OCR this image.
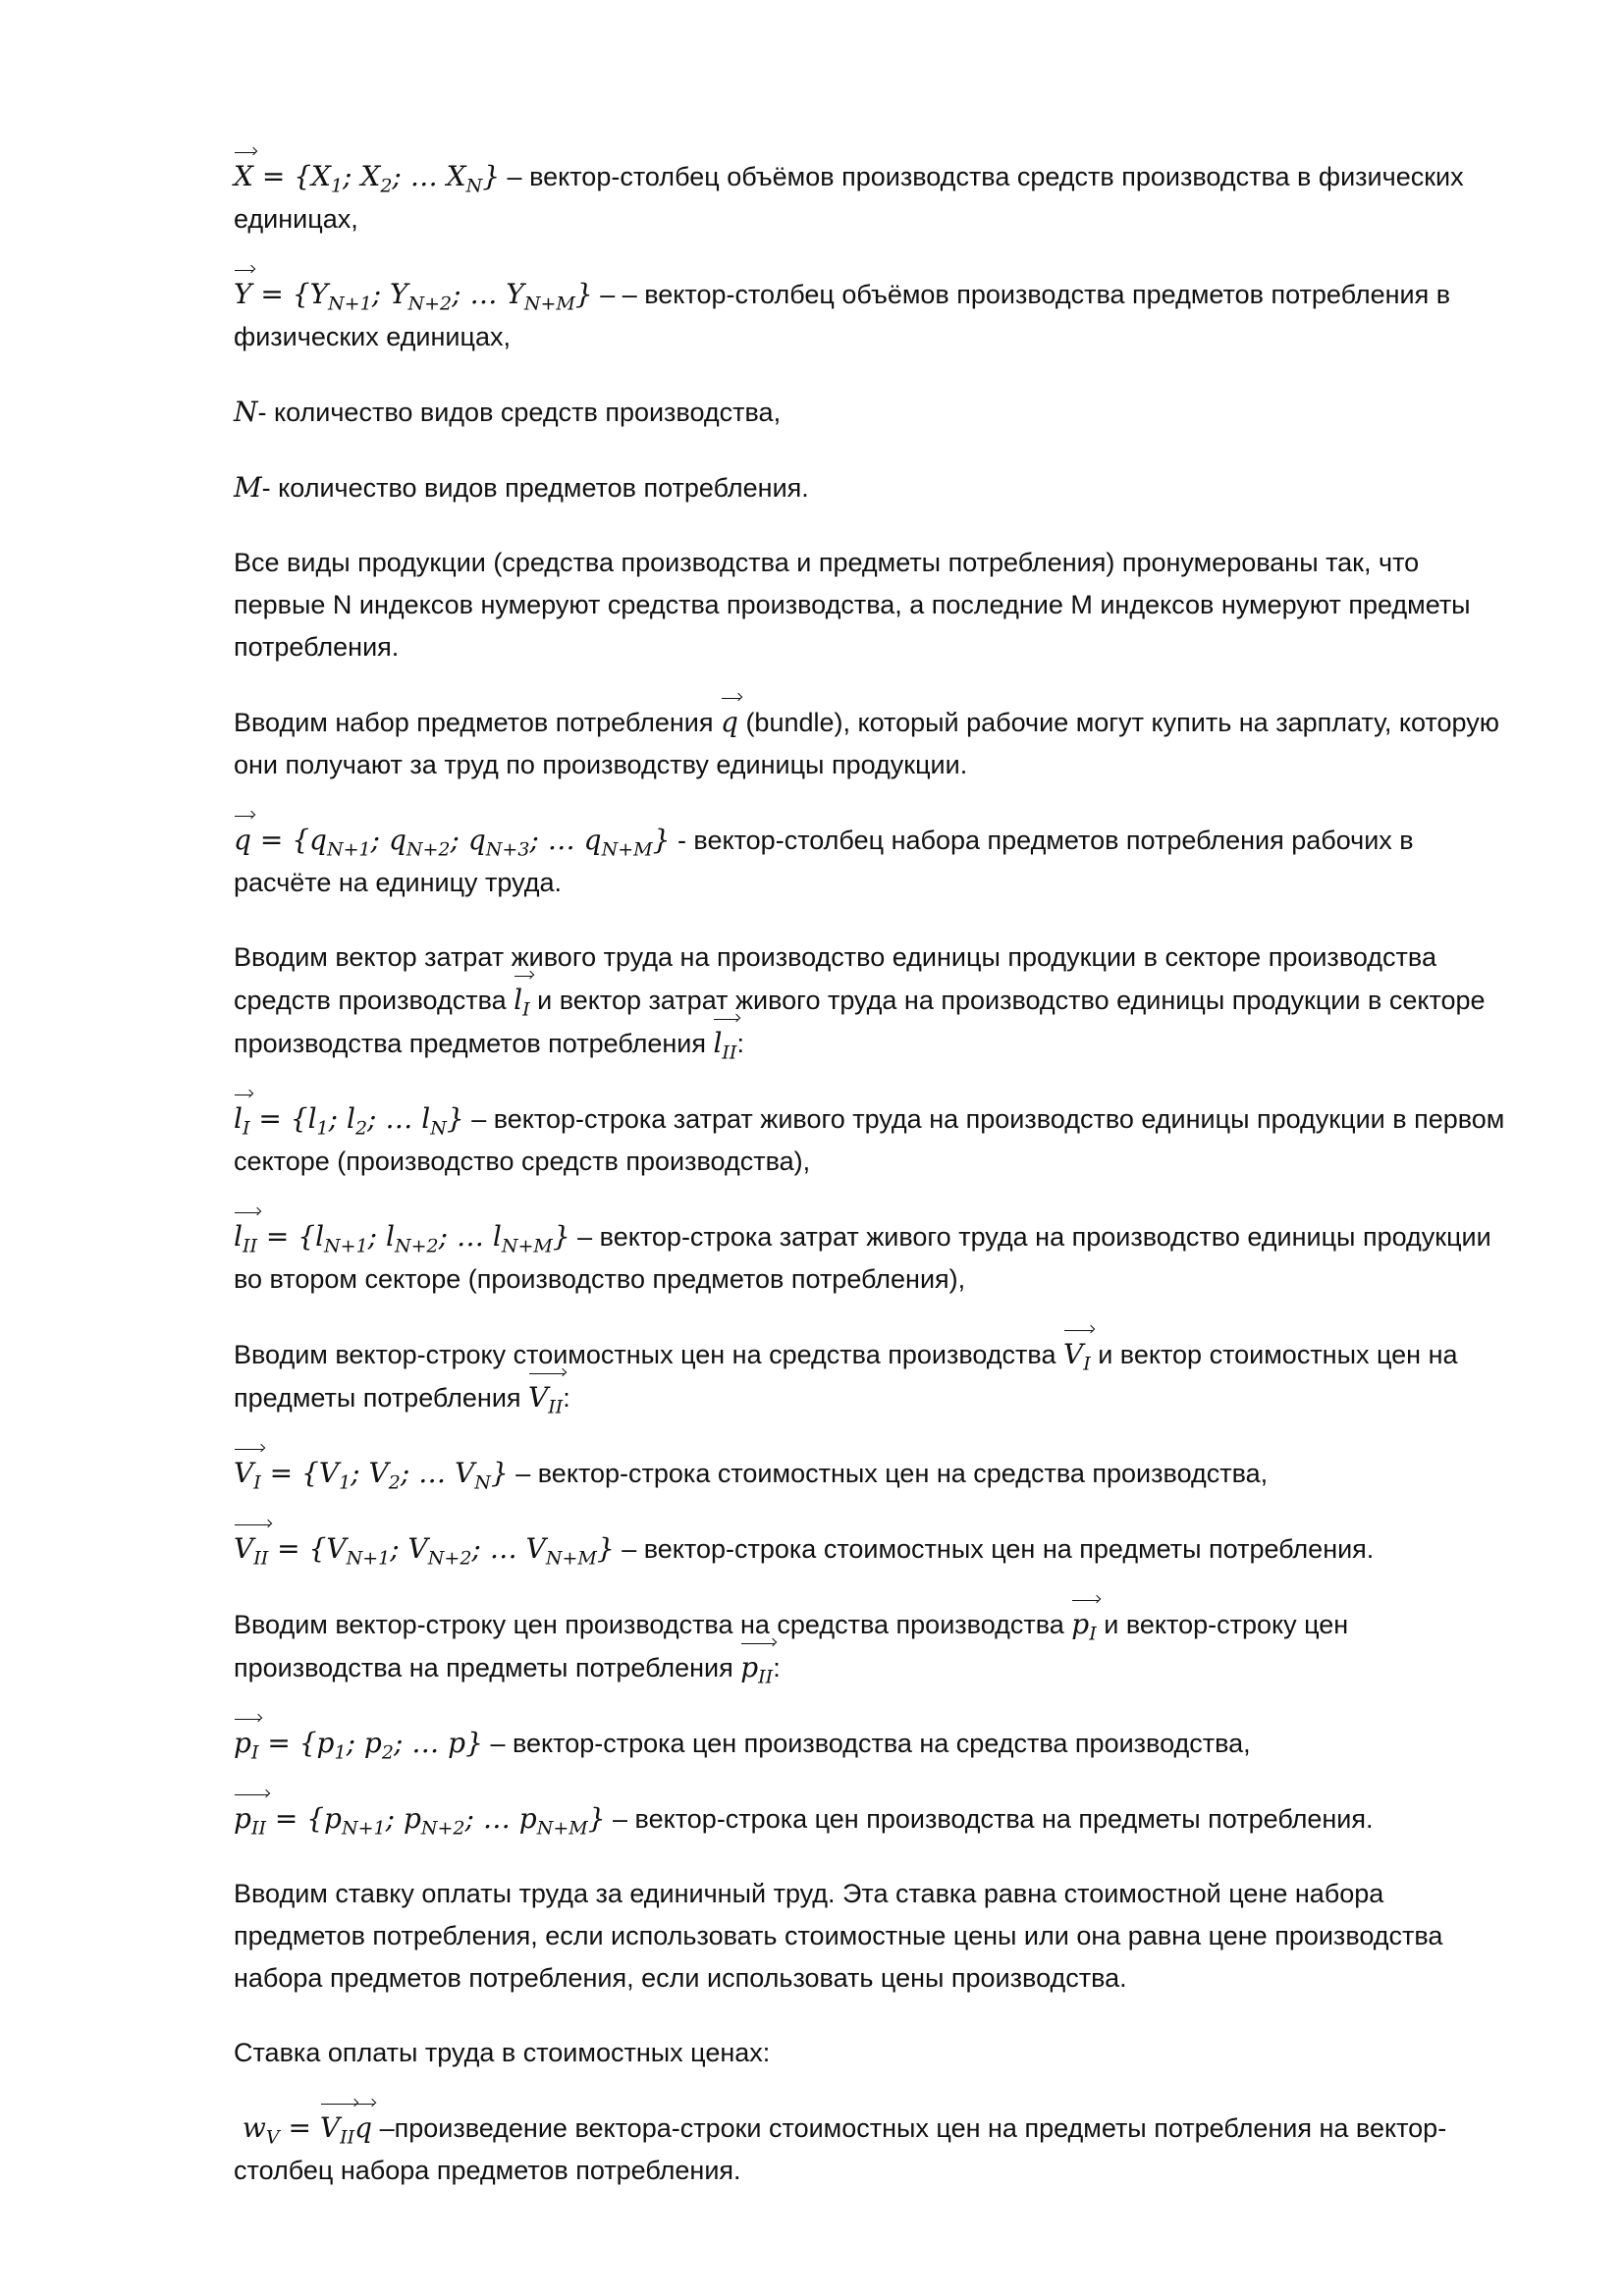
$X = \{X_1$; $X_2$; … $X_N$} – вектор-столбец объёмов производства средств производства в физических единицах,

$Y = \{Y_{N+1}$; $Y_{N+2}$; … $Y_{N+M}$} – – вектор-столбец объёмов производства предметов потребления в физических единицах,

N- количество видов средств производства,

M- количество видов предметов потребления.

Все виды продукции (средства производства и предметы потребления) пронумерованы так, что первые N индексов нумеруют средства производства, а последние M индексов нумеруют предметы потребления.

Вводим набор предметов потребления q (bundle), который рабочие могут купить на зарплату, которую они получают за труд по производству единицы продукции.

$q = \{q_{N+1}$; $q_{N+2}$; $q_{N+3}$; … $q_{N+M}$} - вектор-столбец набора предметов потребления рабочих в расчёте на единицу труда.

Вводим вектор затрат живого труда на производство единицы продукции в секторе производства средств производства $l_I$ и вектор затрат живого труда на производство единицы продукции в секторе производства предметов потребления $l_{II}$:

$l_I = \{l_1$; $l_2$; … $l_N$} – вектор-строка затрат живого труда на производство единицы продукции в первом секторе (производство средств производства),

$l_{II} = \{l_{N+1}$; $l_{N+2}$; … $l_{N+M}$} – вектор-строка затрат живого труда на производство единицы продукции во втором секторе (производство предметов потребления),

Вводим вектор-строку стоимостных цен на средства производства $V_I$ и вектор стоимостных цен на предметы потребления $V_{II}$:

$V_I = \{V_1$; $V_2$; … $V_N$} – вектор-строка стоимостных цен на средства производства,

$V_{II} = \{V_{N+1}$; $V_{N+2}$; … $V_{N+M}$} – вектор-строка стоимостных цен на предметы потребления.

Вводим вектор-строку цен производства на средства производства $p_I$ и вектор-строку цен производства на предметы потребления $p_{II}$:

$p_I = \{p_1$; $p_2$; … p} – вектор-строка цен производства на средства производства,

$p_{II} = \{p_{N+1}$; $p_{N+2}$; … $p_{N+M}$} – вектор-строка цен производства на предметы потребления.

Вводим ставку оплаты труда за единичный труд. Эта ставка равна стоимостной цене набора предметов потребления, если использовать стоимостные цены или она равна цене производства набора предметов потребления, если использовать цены производства.

Ставка оплаты труда в стоимостных ценах:

$w_V = V_{II}q$ –произведение вектора-строки стоимостных цен на предметы потребления на вектор-столбец набора предметов потребления.
